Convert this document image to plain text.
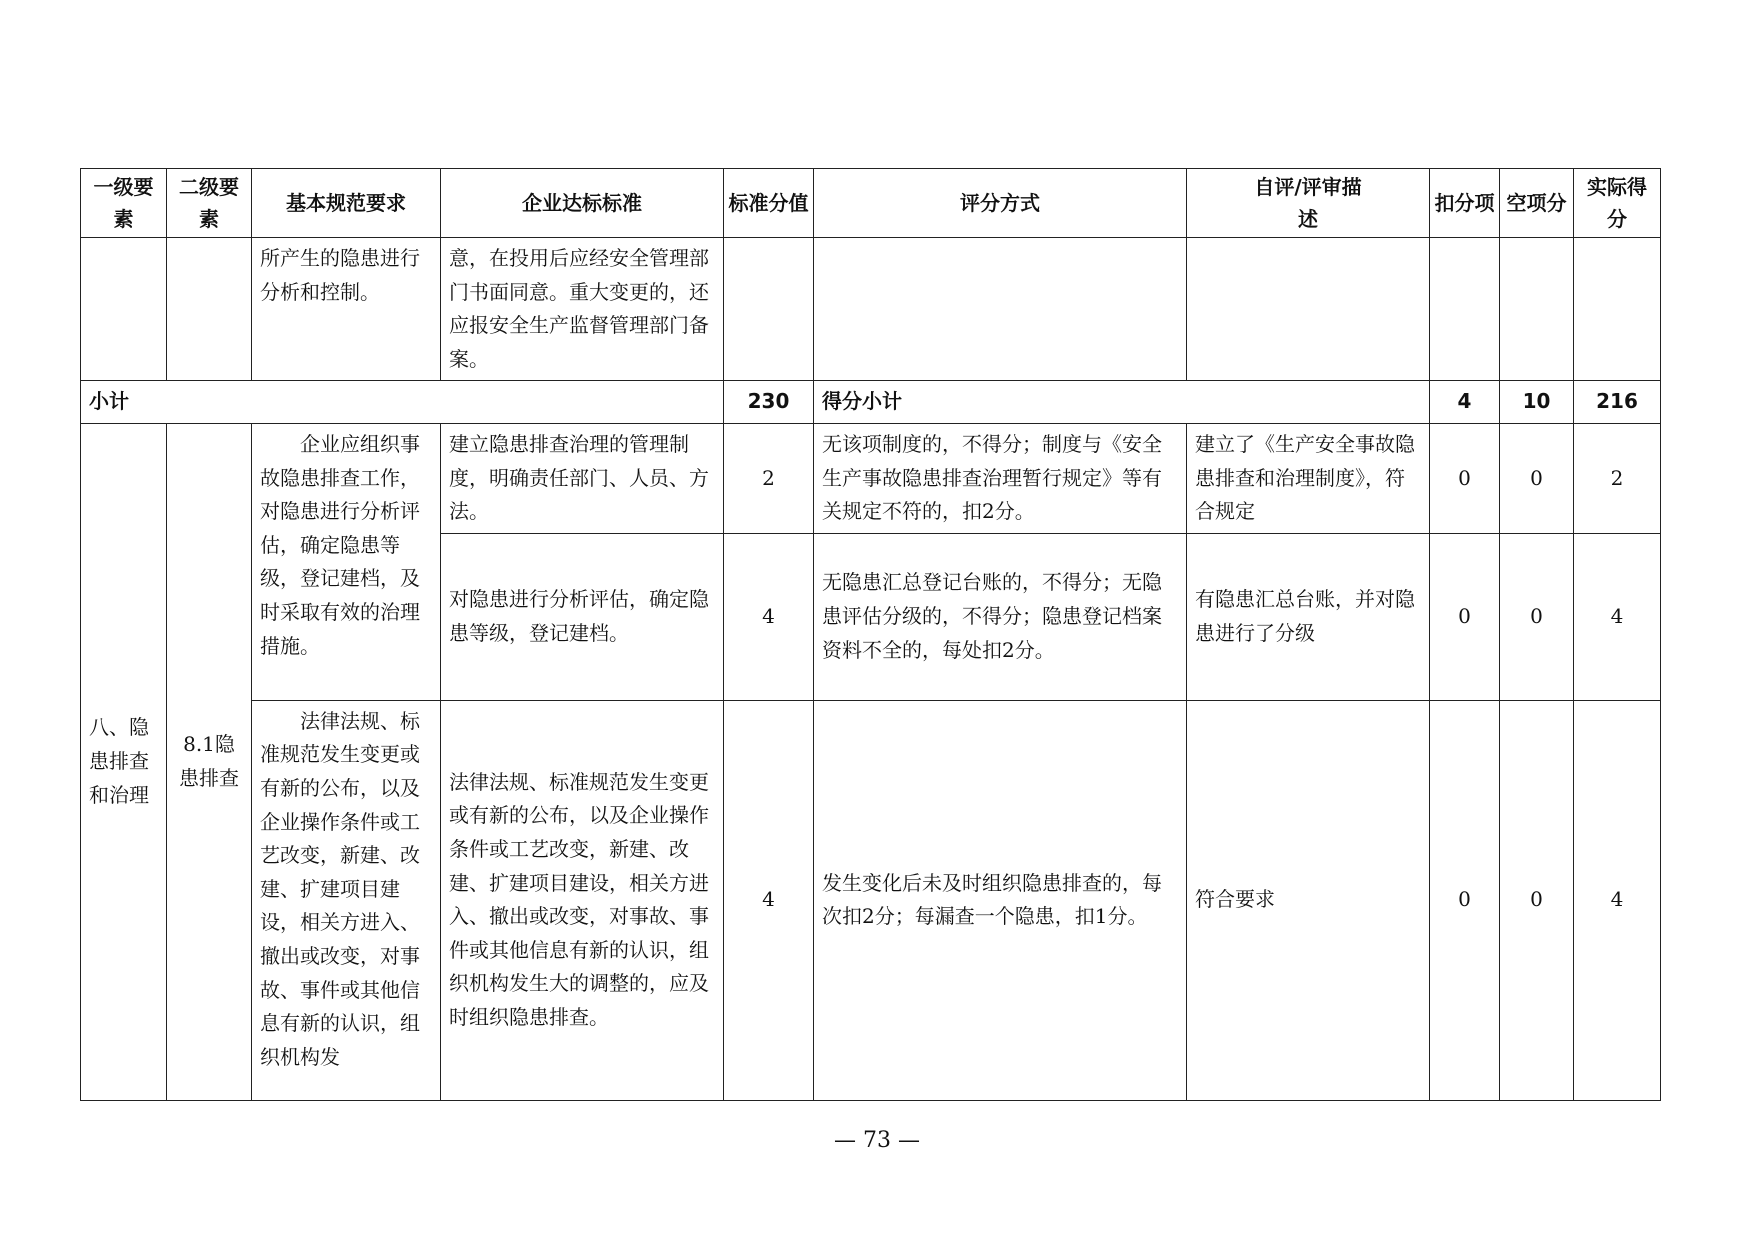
一级要素	二级要素	基本规范要求	企业达标标准	标准分值	评分方式	自评/评审描　　述	扣分项	空项分	实际得分
		所产生的隐患进行分析和控制。	意，在投用后应经安全管理部门书面同意。重大变更的，还应报安全生产监督管理部门备案。						
小计				230	得分小计		4	10	216
八、隐患排查和治理	8.1隐患排查	企业应组织事故隐患排查工作，对隐患进行分析评估，确定隐患等级，登记建档，及时采取有效的治理措施。	建立隐患排查治理的管理制度，明确责任部门、人员、方法。	2	无该项制度的，不得分；制度与《安全生产事故隐患排查治理暂行规定》等有关规定不符的，扣2分。	建立了《生产安全事故隐患排查和治理制度》，符合规定	0	0	2
			对隐患进行分析评估，确定隐患等级，登记建档。	4	无隐患汇总登记台账的，不得分；无隐患评估分级的，不得分；隐患登记档案资料不全的，每处扣2分。	有隐患汇总台账，并对隐患进行了分级	0	0	4
		法律法规、标准规范发生变更或有新的公布，以及企业操作条件或工艺改变，新建、改建、扩建项目建设，相关方进入、撤出或改变，对事故、事件或其他信息有新的认识，组织机构发	法律法规、标准规范发生变更或有新的公布，以及企业操作条件或工艺改变，新建、改建、扩建项目建设，相关方进入、撤出或改变，对事故、事件或其他信息有新的认识，组织机构发生大的调整的，应及时组织隐患排查。	4	发生变化后未及时组织隐患排查的，每次扣2分；每漏查一个隐患，扣1分。	符合要求	0	0	4
— 73 —
